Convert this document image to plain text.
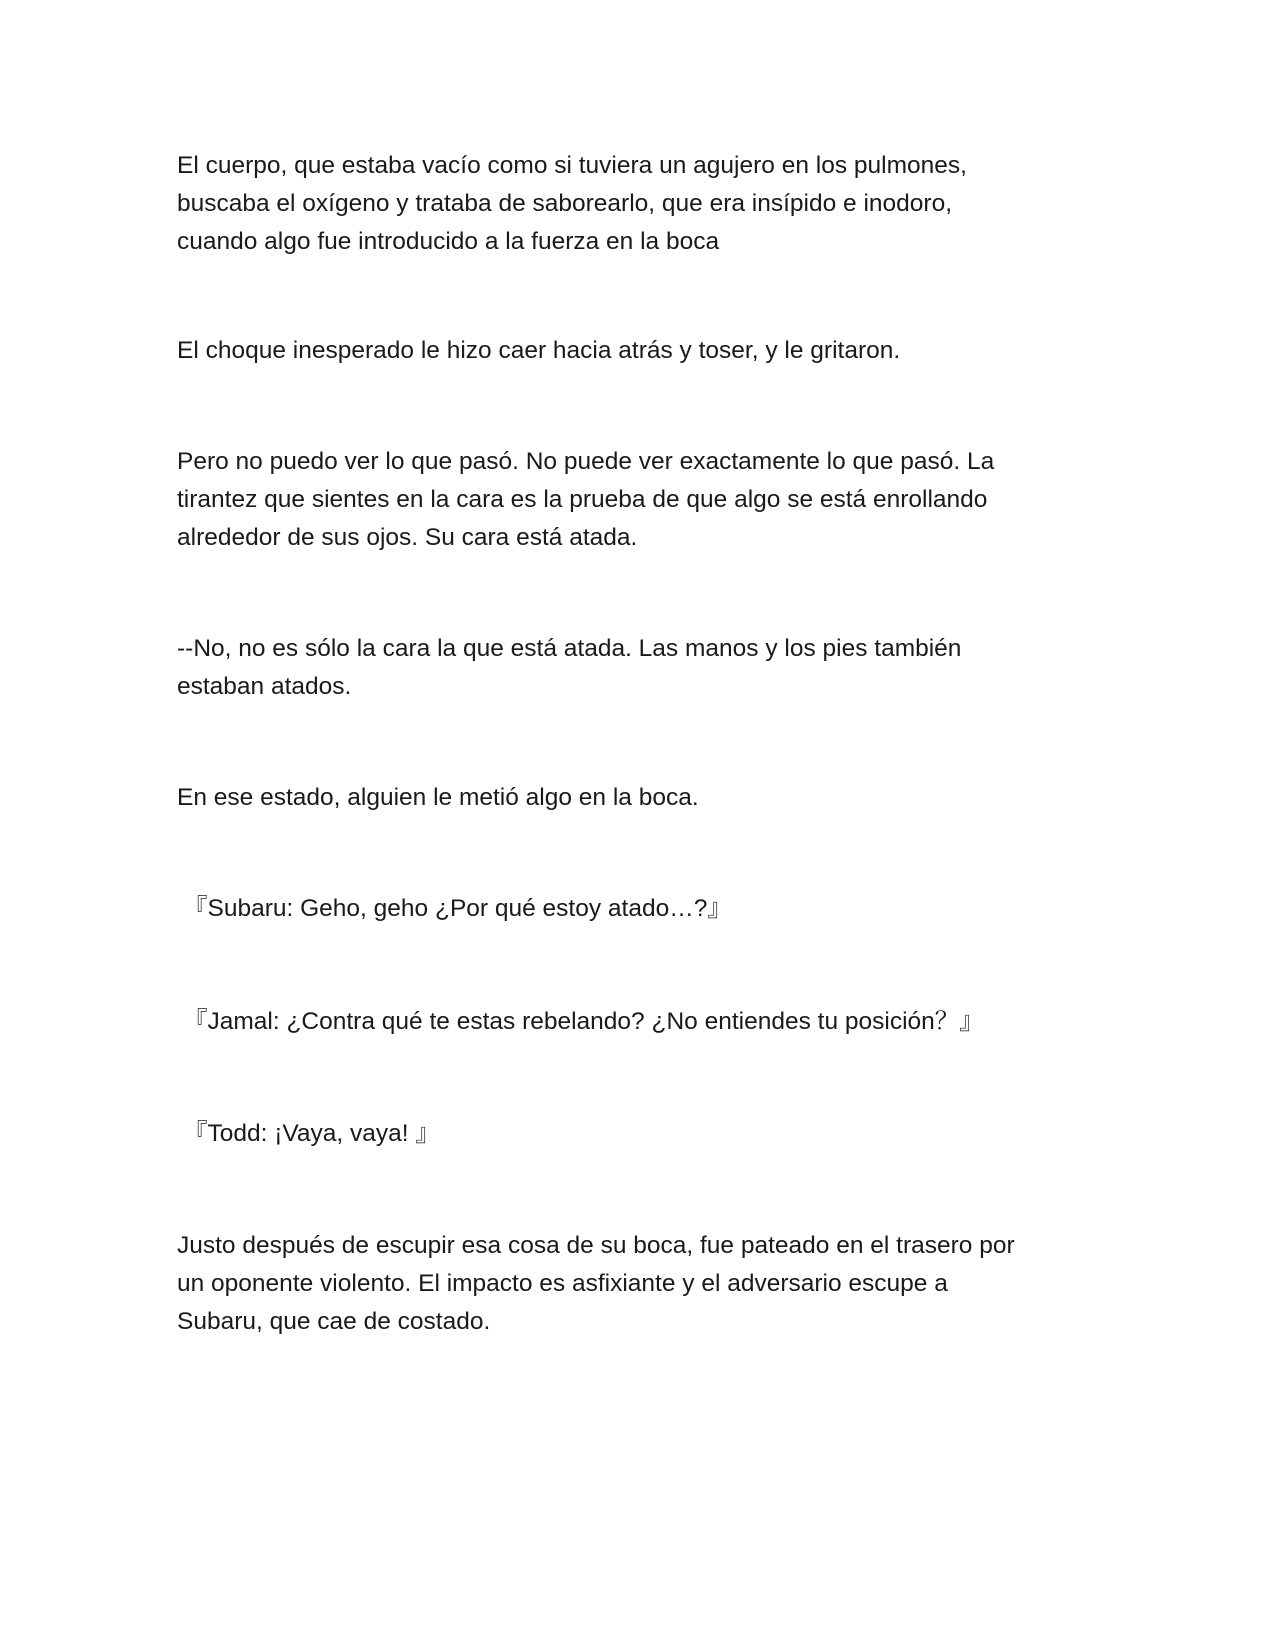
El cuerpo, que estaba vacío como si tuviera un agujero en los pulmones,
buscaba el oxígeno y trataba de saborearlo, que era insípido e inodoro,
cuando algo fue introducido a la fuerza en la boca

El choque inesperado le hizo caer hacia atrás y toser, y le gritaron.

Pero no puedo ver lo que pasó. No puede ver exactamente lo que pasó. La
tirantez que sientes en la cara es la prueba de que algo se está enrollando
alrededor de sus ojos. Su cara está atada.

--No, no es sólo la cara la que está atada. Las manos y los pies también
estaban atados.

En ese estado, alguien le metió algo en la boca.

『Subaru: Geho, geho ¿Por qué estoy atado…?』

『Jamal: ¿Contra qué te estas rebelando? ¿No entiendes tu posición？』

『Todd: ¡Vaya, vaya! 』

Justo después de escupir esa cosa de su boca, fue pateado en el trasero por
un oponente violento. El impacto es asfixiante y el adversario escupe a
Subaru, que cae de costado.
